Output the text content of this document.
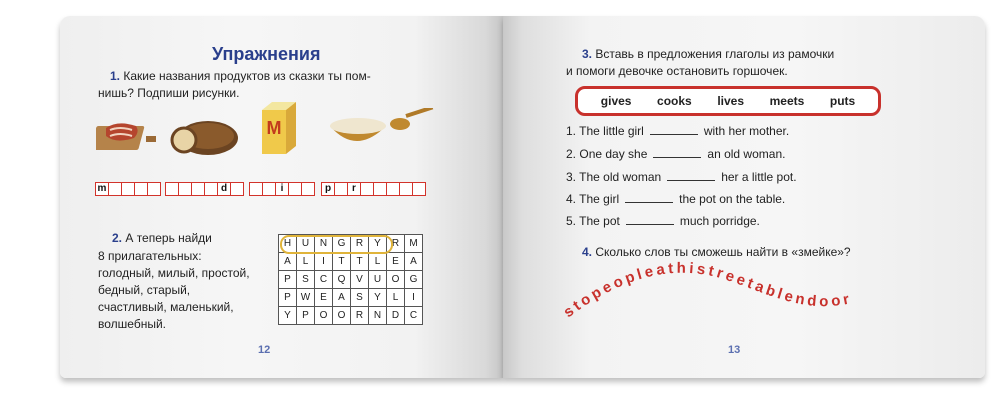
Упражнения
1. Какие названия продуктов из сказки ты пом-
нишь? Подпиши рисунки.
M
m	d	i	p	r
2. А теперь найди
8 прилагательных:
голодный, милый, простой,
бедный, старый,
счастливый, маленький,
волшебный.
H	U	N	G	R	Y	R	M
A	L	I	T	T	L	E	A
P	S	C	Q	V	U	O	G
P	W	E	A	S	Y	L	I
Y	P	O	O	R	N	D	C
12
3. Вставь в предложения глаголы из рамочки
и помоги девочке остановить горшочек.
gives cooks lives meets puts
1. The little girl	with her mother.
2. One day she	an old woman.
3. The old woman	her a little pot.
4. The girl	the pot on the table.
5. The pot	much porridge.
4. Сколько слов ты сможешь найти в «змейке»?
stopeopleathistreetablendoor
13
